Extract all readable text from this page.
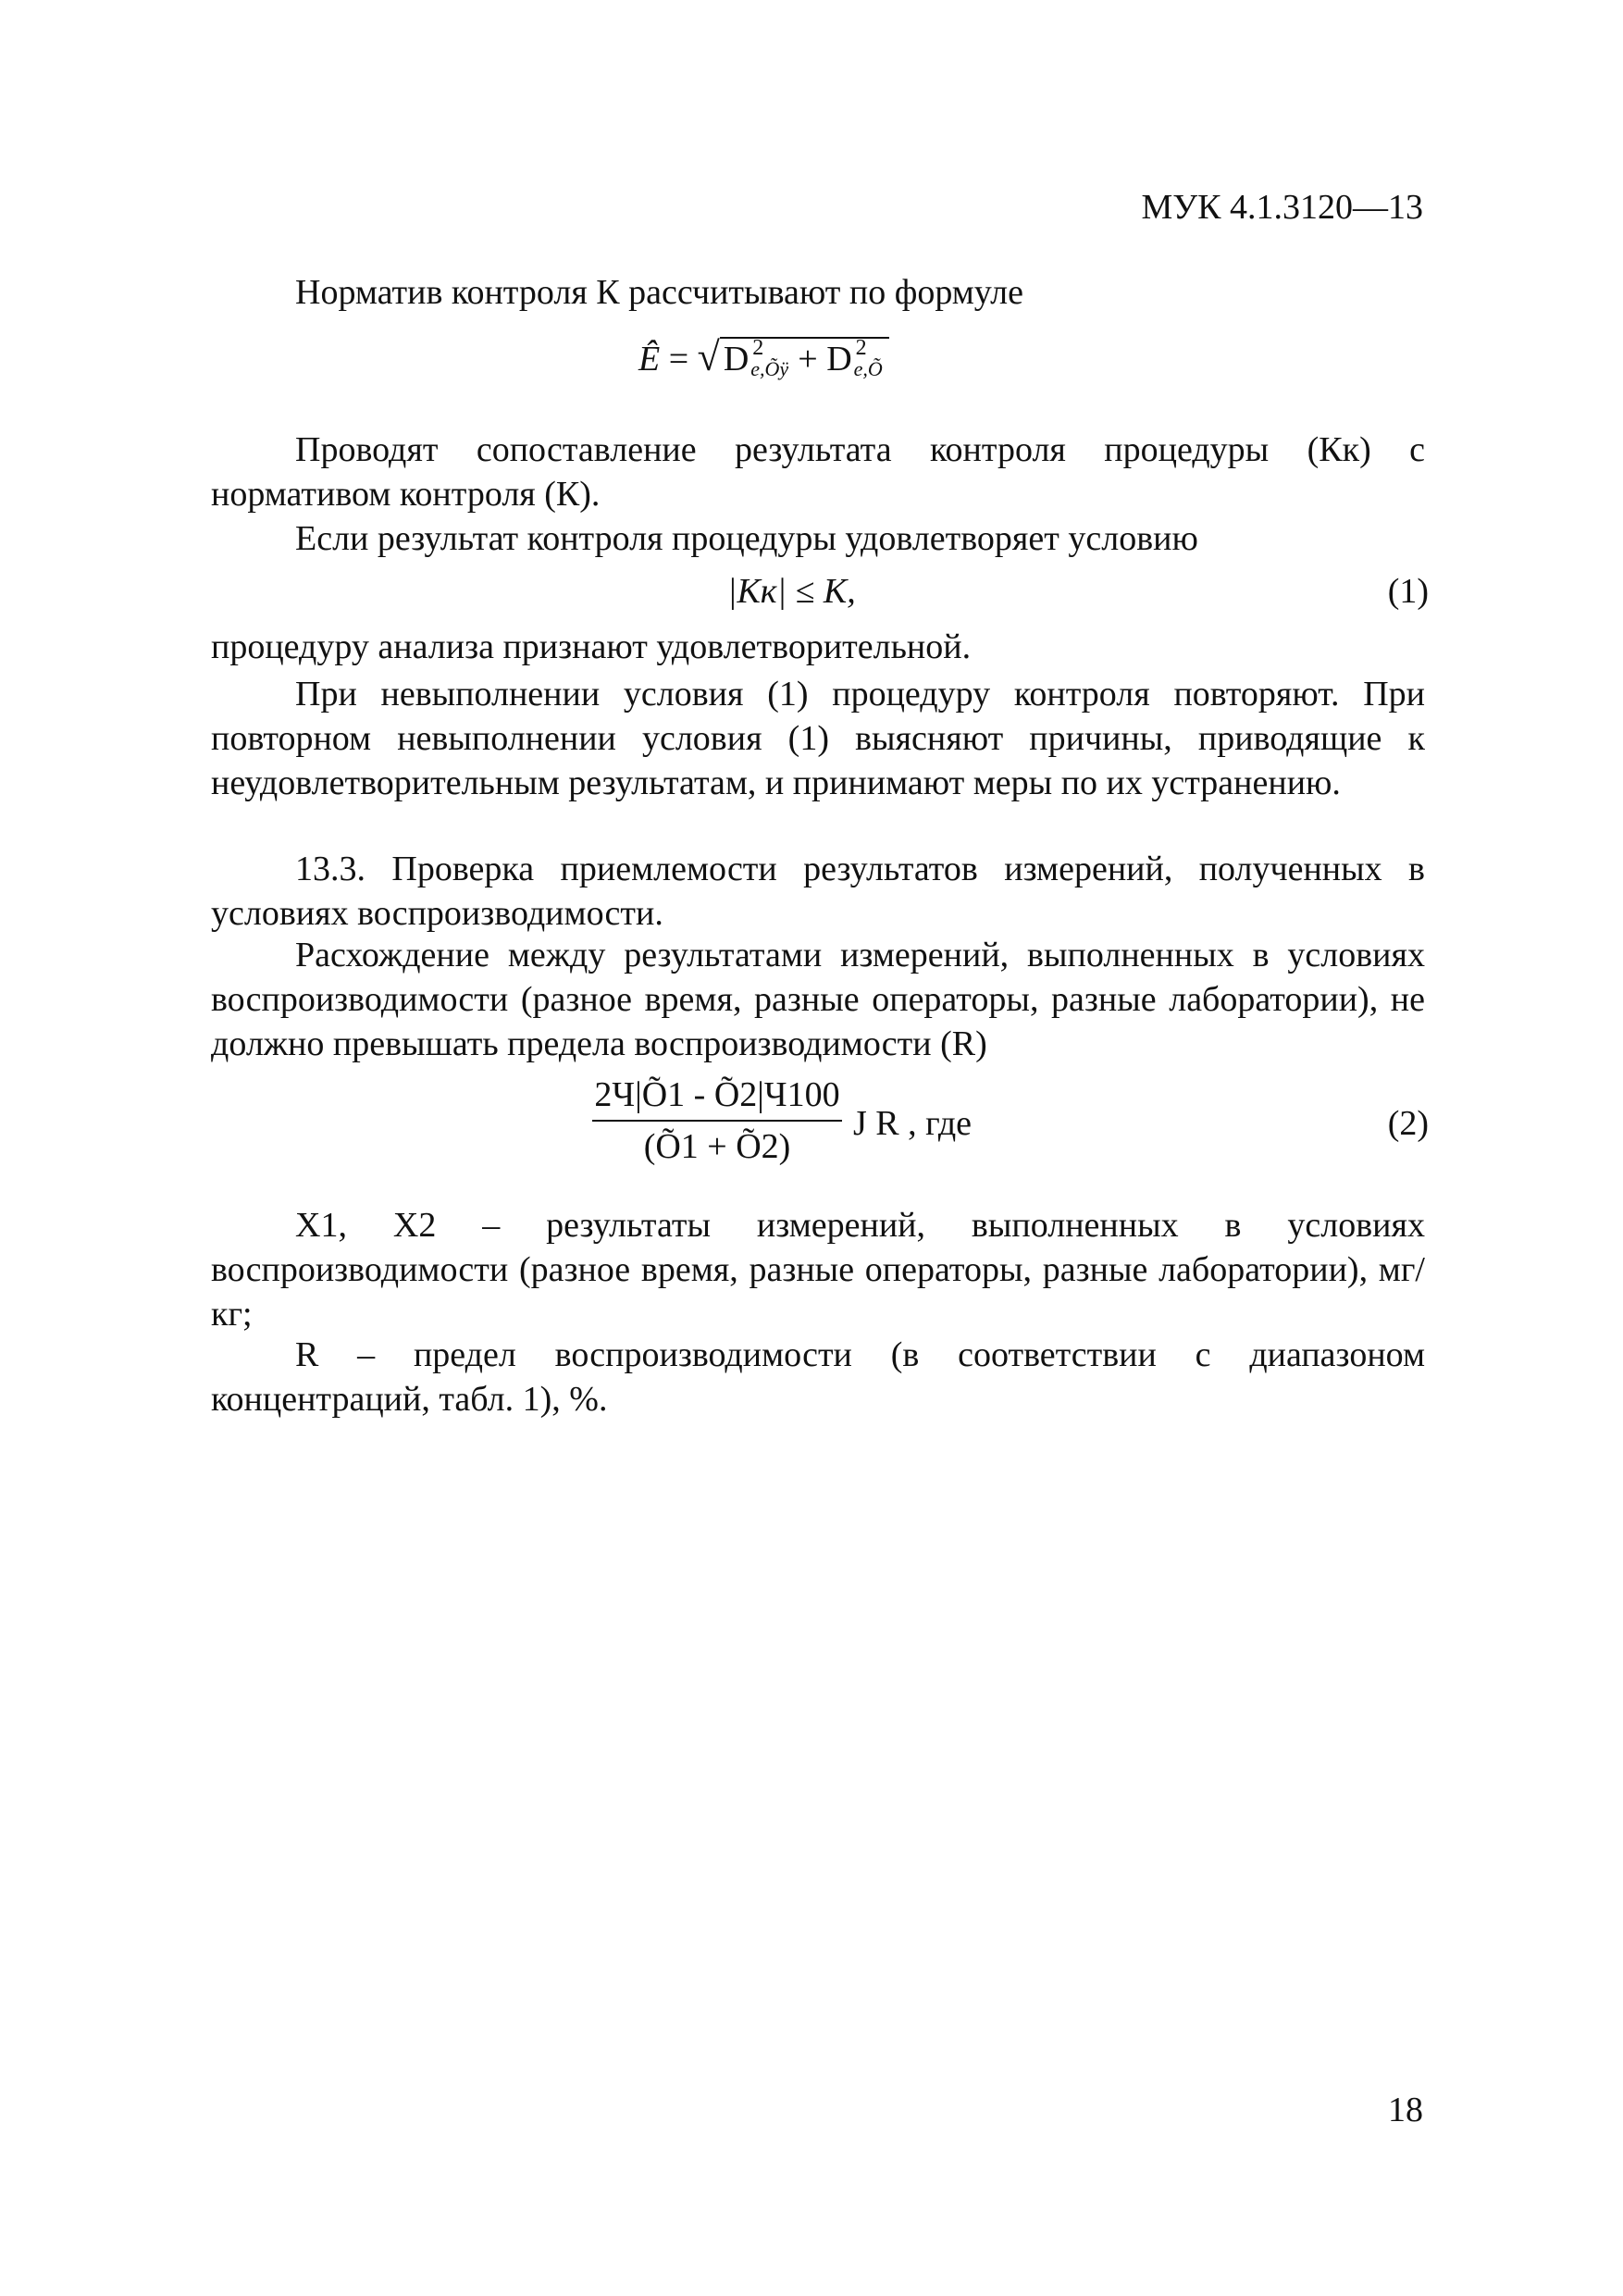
МУК 4.1.3120—13
Норматив контроля К рассчитывают по формуле
Ê = √ D 2
e,Õÿ + D 2
e,Õ
Проводят сопоставление результата контроля процедуры (Кк) с нормативом контроля (К).
Если результат контроля процедуры удовлетворяет условию
|Kк| ≤ K,	(1)
процедуру анализа признают удовлетворительной.
При невыполнении условия (1) процедуру контроля повторяют. При повторном невыполнении условия (1) выясняют причины, приводящие к неудовлетворительным результатам, и принимают меры по их устранению.
13.3. Проверка приемлемости результатов измерений, полученных в условиях воспроизводимости.
Расхождение между результатами измерений, выполненных в условиях воспроизводимости (разное время, разные операторы, разные лаборатории), не должно превышать предела воспроизводимости (R)
2Ч|Õ1 - Õ2|Ч100
(Õ1 + Õ2)
J R , где	(2)
X1, X2 – результаты измерений, выполненных в условиях воспроизводимости (разное время, разные операторы, разные лаборатории), мг/кг;
R – предел воспроизводимости (в соответствии с диапазоном концентраций, табл. 1), %.
18
